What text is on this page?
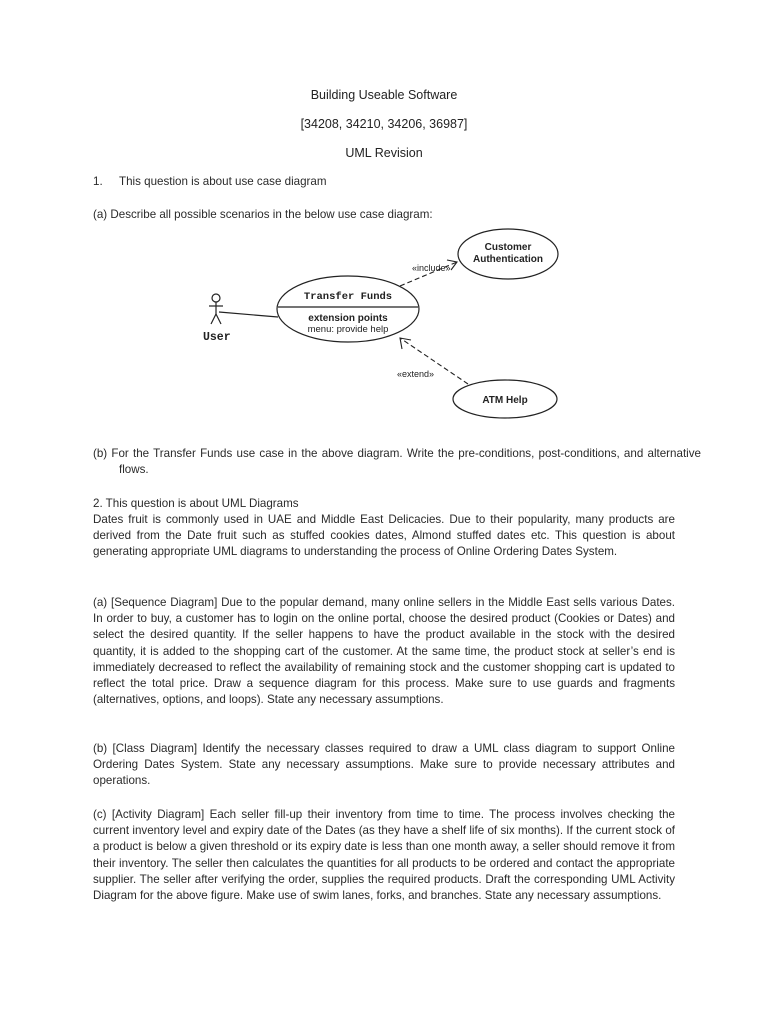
Building Useable Software
[34208, 34210, 34206, 36987]
UML Revision
1. This question is about use case diagram
(a) Describe all possible scenarios in the below use case diagram:
User
Transfer Funds
extension points
menu: provide help
Customer
Authentication
ATM Help
«include»
«extend»
(b) For the Transfer Funds use case in the above diagram. Write the pre-conditions, post-conditions, and alternative flows.
2. This question is about UML Diagrams
Dates fruit is commonly used in UAE and Middle East Delicacies. Due to their popularity, many products are derived from the Date fruit such as stuffed cookies dates, Almond stuffed dates etc. This question is about generating appropriate UML diagrams to understanding the process of Online Ordering Dates System.
(a) [Sequence Diagram] Due to the popular demand, many online sellers in the Middle East sells various Dates. In order to buy, a customer has to login on the online portal, choose the desired product (Cookies or Dates) and select the desired quantity. If the seller happens to have the product available in the stock with the desired quantity, it is added to the shopping cart of the customer. At the same time, the product stock at seller’s end is immediately decreased to reflect the availability of remaining stock and the customer shopping cart is updated to reflect the total price. Draw a sequence diagram for this process. Make sure to use guards and fragments (alternatives, options, and loops). State any necessary assumptions.
(b) [Class Diagram] Identify the necessary classes required to draw a UML class diagram to support Online Ordering Dates System. State any necessary assumptions. Make sure to provide necessary attributes and operations.
(c) [Activity Diagram] Each seller fill-up their inventory from time to time. The process involves checking the current inventory level and expiry date of the Dates (as they have a shelf life of six months). If the current stock of a product is below a given threshold or its expiry date is less than one month away, a seller should remove it from their inventory. The seller then calculates the quantities for all products to be ordered and contact the appropriate supplier. The seller after verifying the order, supplies the required products. Draft the corresponding UML Activity Diagram for the above figure. Make use of swim lanes, forks, and branches. State any necessary assumptions.
